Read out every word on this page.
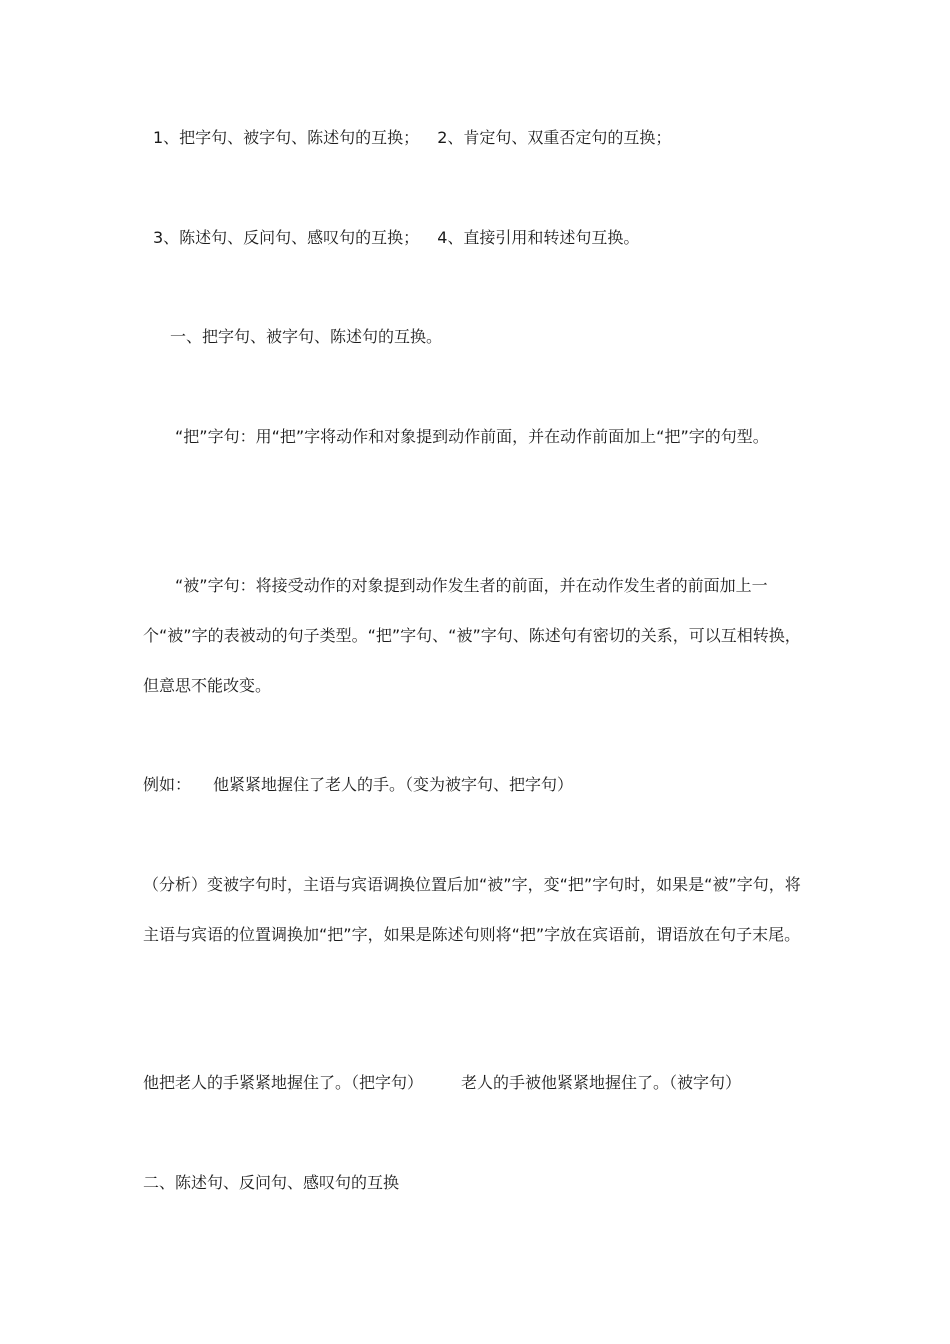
1、把字句、被字句、陈述句的互换； 2、肯定句、双重否定句的互换；

3、陈述句、反问句、感叹句的互换； 4、直接引用和转述句互换。

一、把字句、被字句、陈述句的互换。

“把”字句：用“把”字将动作和对象提到动作前面，并在动作前面加上“把”字的句型。

“被”字句：将接受动作的对象提到动作发生者的前面，并在动作发生者的前面加上一个“被”字的表被动的句子类型。“把”字句、“被”字句、陈述句有密切的关系，可以互相转换，但意思不能改变。

例如： 他紧紧地握住了老人的手。（变为被字句、把字句）

（分析）变被字句时，主语与宾语调换位置后加“被”字，变“把”字句时，如果是“被”字句，将主语与宾语的位置调换加“把”字，如果是陈述句则将“把”字放在宾语前，谓语放在句子末尾。

他把老人的手紧紧地握住了。（把字句） 老人的手被他紧紧地握住了。（被字句）

二、陈述句、反问句、感叹句的互换
